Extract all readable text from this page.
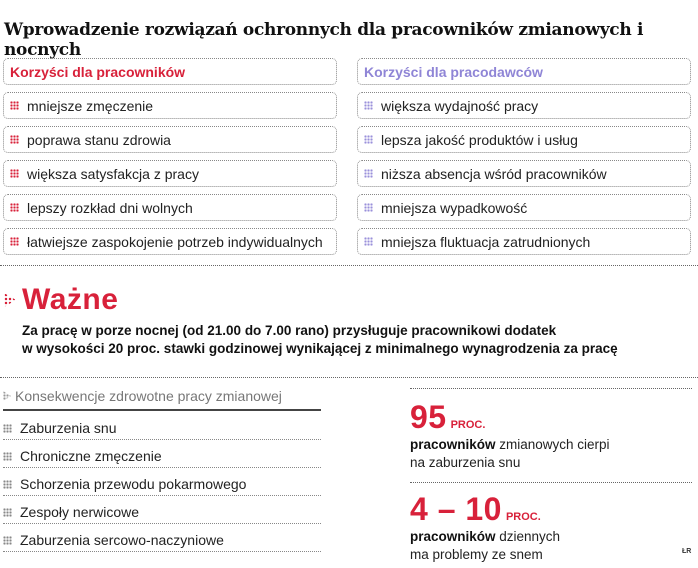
Wprowadzenie rozwiązań ochronnych dla pracowników zmianowych i nocnych
Korzyści dla pracowników
mniejsze zmęczenie
poprawa stanu zdrowia
większa satysfakcja z pracy
lepszy rozkład dni wolnych
łatwiejsze zaspokojenie potrzeb indywidualnych
Korzyści dla pracodawców
większa wydajność pracy
lepsza jakość produktów i usług
niższa absencja wśród pracowników
mniejsza wypadkowość
mniejsza fluktuacja zatrudnionych
Ważne
Za pracę w porze nocnej (od 21.00 do 7.00 rano) przysługuje pracownikowi dodatek
w wysokości 20 proc. stawki godzinowej wynikającej z minimalnego wynagrodzenia za pracę
Konsekwencje zdrowotne pracy zmianowej
Zaburzenia snu
Chroniczne zmęczenie
Schorzenia przewodu pokarmowego
Zespoły nerwicowe
Zaburzenia sercowo-naczyniowe
95 PROC.
pracowników zmianowych cierpi
na zaburzenia snu
4 – 10 PROC.
pracowników dziennych
ma problemy ze snem	ŁR
